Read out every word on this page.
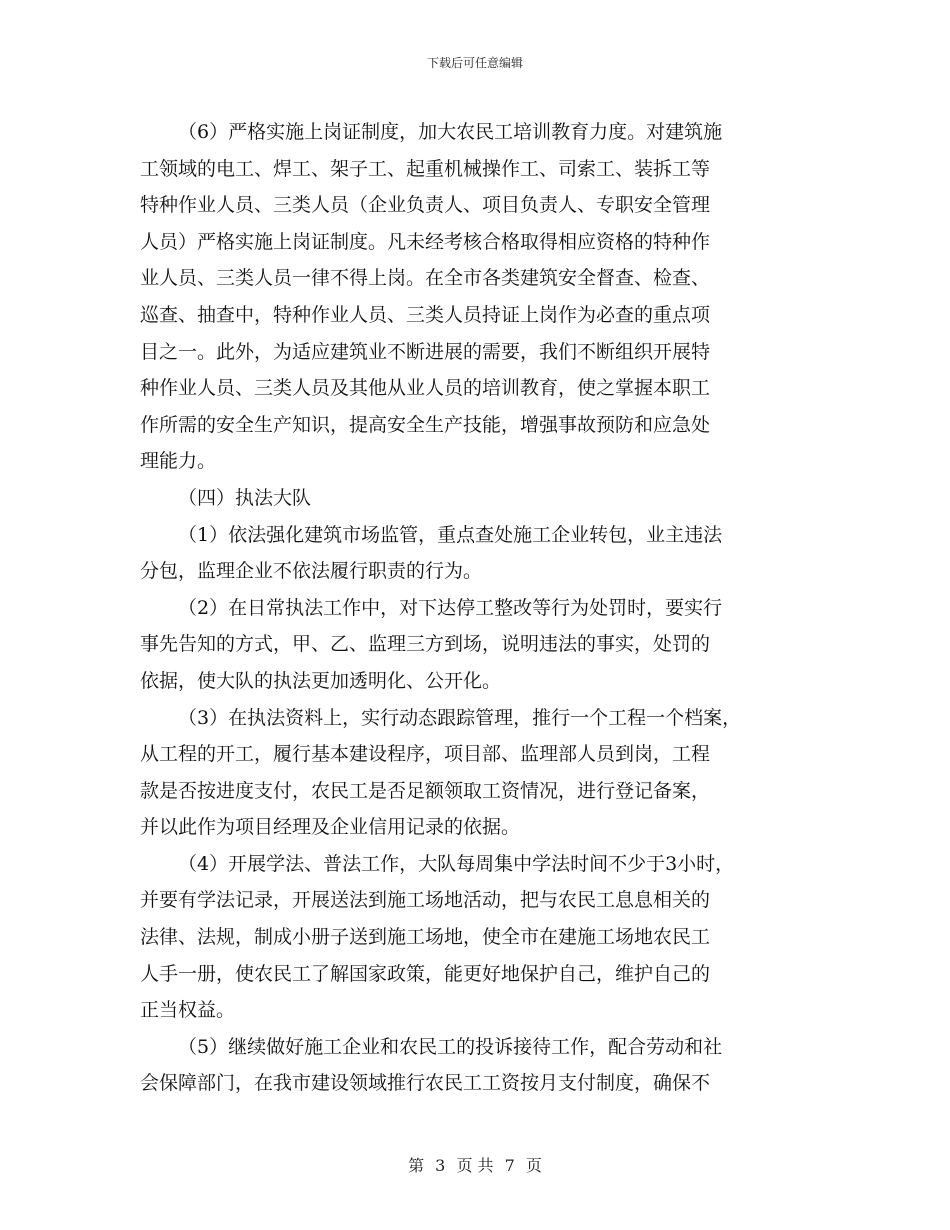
下载后可任意编辑
（6）严格实施上岗证制度，加大农民工培训教育力度。对建筑施
工领域的电工、焊工、架子工、起重机械操作工、司索工、装拆工等
特种作业人员、三类人员（企业负责人、项目负责人、专职安全管理
人员）严格实施上岗证制度。凡未经考核合格取得相应资格的特种作
业人员、三类人员一律不得上岗。在全市各类建筑安全督查、检查、
巡查、抽查中，特种作业人员、三类人员持证上岗作为必查的重点项
目之一。此外，为适应建筑业不断进展的需要，我们不断组织开展特
种作业人员、三类人员及其他从业人员的培训教育，使之掌握本职工
作所需的安全生产知识，提高安全生产技能，增强事故预防和应急处
理能力。
（四）执法大队
（1）依法强化建筑市场监管，重点查处施工企业转包，业主违法
分包，监理企业不依法履行职责的行为。
（2）在日常执法工作中，对下达停工整改等行为处罚时，要实行
事先告知的方式，甲、乙、监理三方到场，说明违法的事实，处罚的
依据，使大队的执法更加透明化、公开化。
（3）在执法资料上，实行动态跟踪管理，推行一个工程一个档案，
从工程的开工，履行基本建设程序，项目部、监理部人员到岗，工程
款是否按进度支付，农民工是否足额领取工资情况，进行登记备案，
并以此作为项目经理及企业信用记录的依据。
（4）开展学法、普法工作，大队每周集中学法时间不少于3小时，
并要有学法记录，开展送法到施工场地活动，把与农民工息息相关的
法律、法规，制成小册子送到施工场地，使全市在建施工场地农民工
人手一册，使农民工了解国家政策，能更好地保护自己，维护自己的
正当权益。
（5）继续做好施工企业和农民工的投诉接待工作，配合劳动和社
会保障部门，在我市建设领域推行农民工工资按月支付制度，确保不
第 3 页 共 7 页
